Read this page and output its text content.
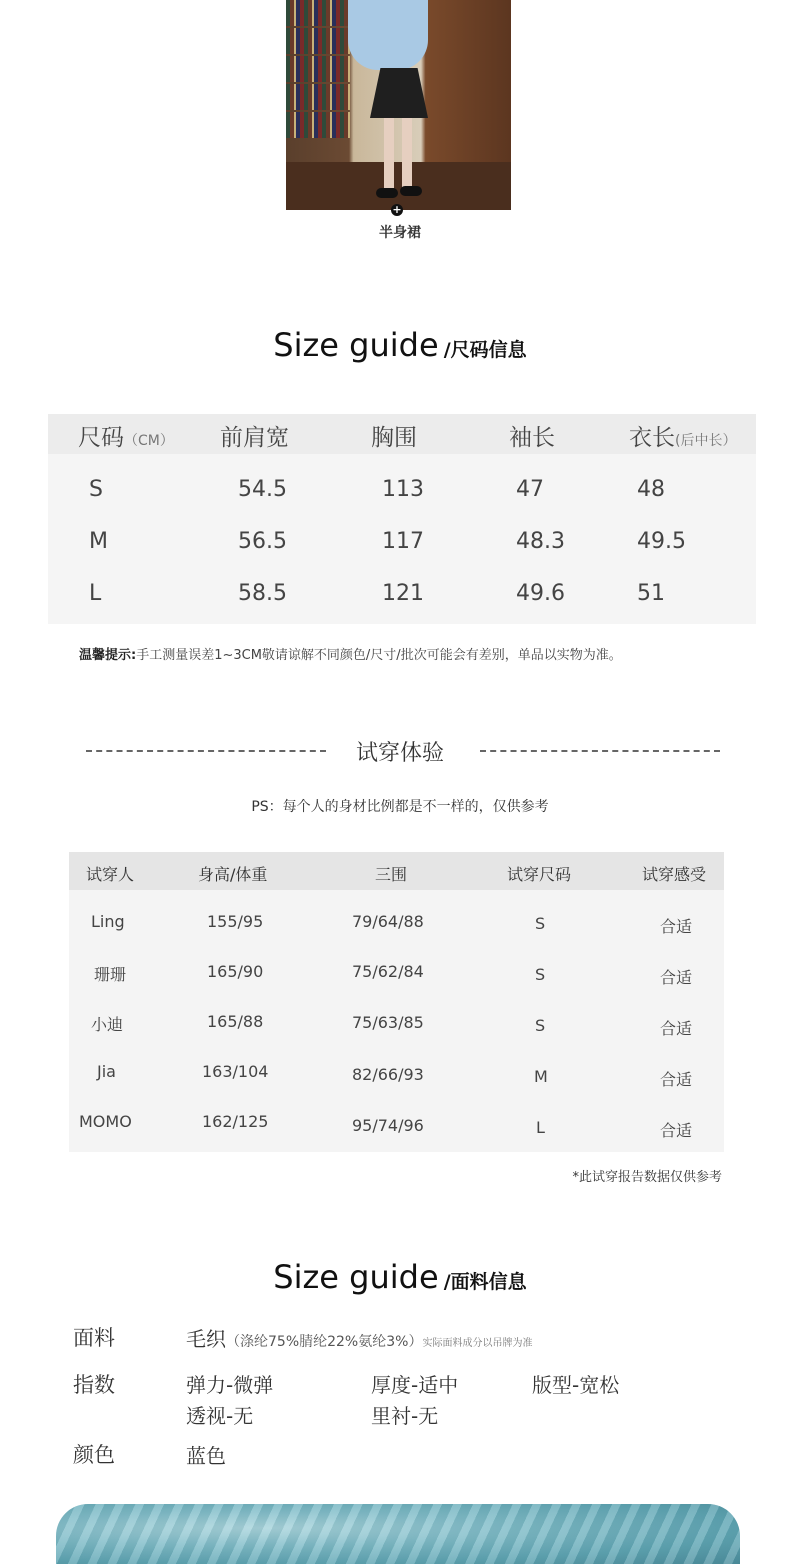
+
半身裙
Size guide /尺码信息
尺码（CM） 前肩宽	胸围	袖长	衣长(后中长）
S	54.5	113	47	48
M	56.5	117	48.3	49.5
L	58.5	121	49.6	51
温馨提示:手工测量误差1~3CM敬请谅解不同颜色/尺寸/批次可能会有差别，单品以实物为准。
试穿体验
PS：每个人的身材比例都是不一样的，仅供参考
试穿人	身高/体重	三围	试穿尺码	试穿感受
Ling	155/95	79/64/88	S	合适
珊珊	165/90	75/62/84	S	合适
小迪	165/88	75/63/85	S	合适
Jia	163/104	82/66/93	M	合适
MOMO	162/125	95/74/96	L	合适
*此试穿报告数据仅供参考
Size guide /面料信息
面料	毛织（涤纶75%腈纶22%氨纶3%）实际面料成分以吊牌为准
指数	弹力-微弹	厚度-适中	版型-宽松
透视-无	里衬-无
颜色	蓝色
